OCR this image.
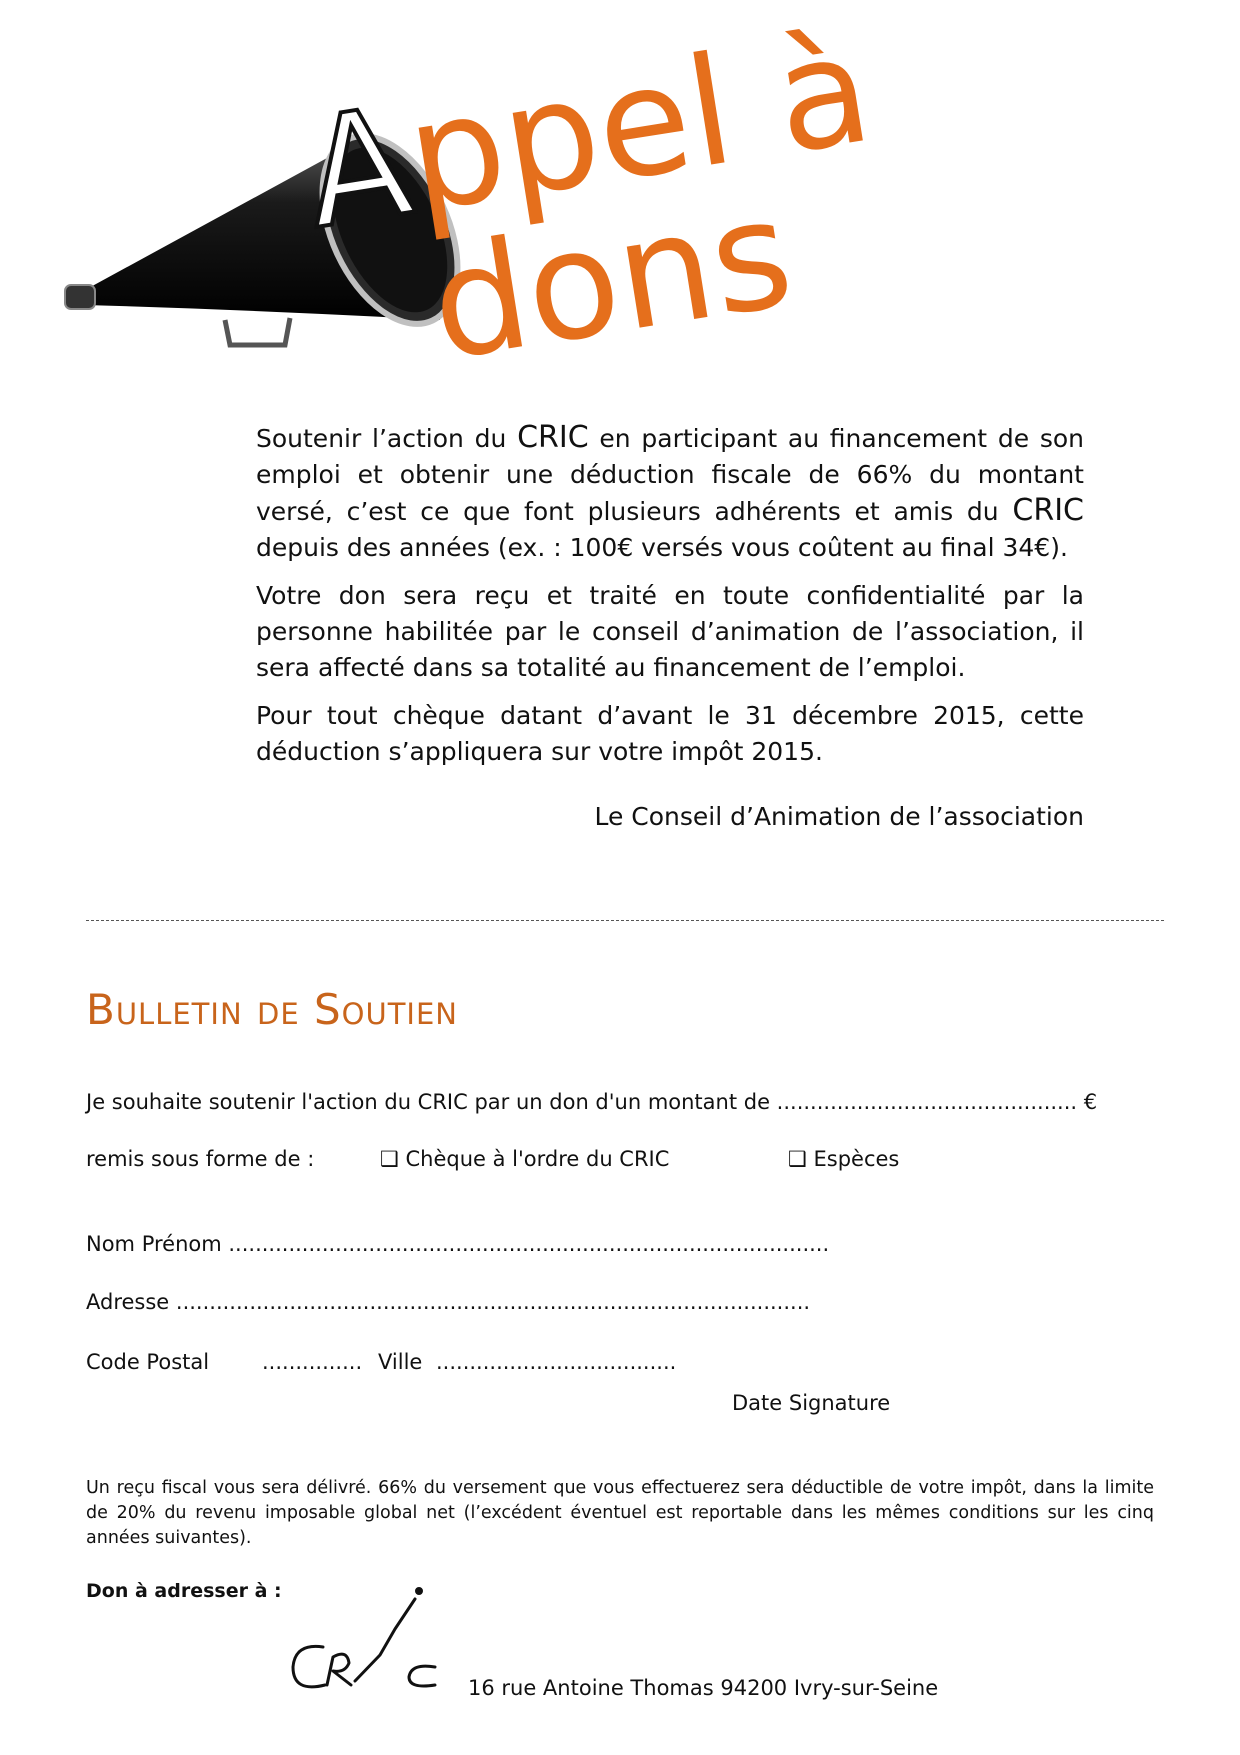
A
ppel à dons

Soutenir l’action du CRIC en participant au financement de son emploi et obtenir une déduction fiscale de 66% du montant versé, c’est ce que font plusieurs adhérents et amis du CRIC depuis des années (ex. : 100€ versés vous coûtent au final 34€).

Votre don sera reçu et traité en toute confidentialité par la personne habilitée par le conseil d’animation de l’association, il sera affecté dans sa totalité au financement de l’emploi.

Pour tout chèque datant d’avant le 31 décembre 2015, cette déduction s’appliquera sur votre impôt 2015.

Le Conseil d’Animation de l’association
Bulletin de Soutien
Je souhaite soutenir l'action du CRIC par un don d'un montant de ............................................. €
remis sous forme de :	❑ Chèque à l'ordre du CRIC	❑ Espèces
Nom Prénom ..........................................................................................
Adresse ...............................................................................................
Code Postal	............... Ville ....................................
Date Signature
Un reçu fiscal vous sera délivré. 66% du versement que vous effectuerez sera déductible de votre impôt, dans la limite de 20% du revenu imposable global net (l’excédent éventuel est reportable dans les mêmes conditions sur les cinq années suivantes).
Don à adresser à :
16 rue Antoine Thomas 94200 Ivry-sur-Seine
